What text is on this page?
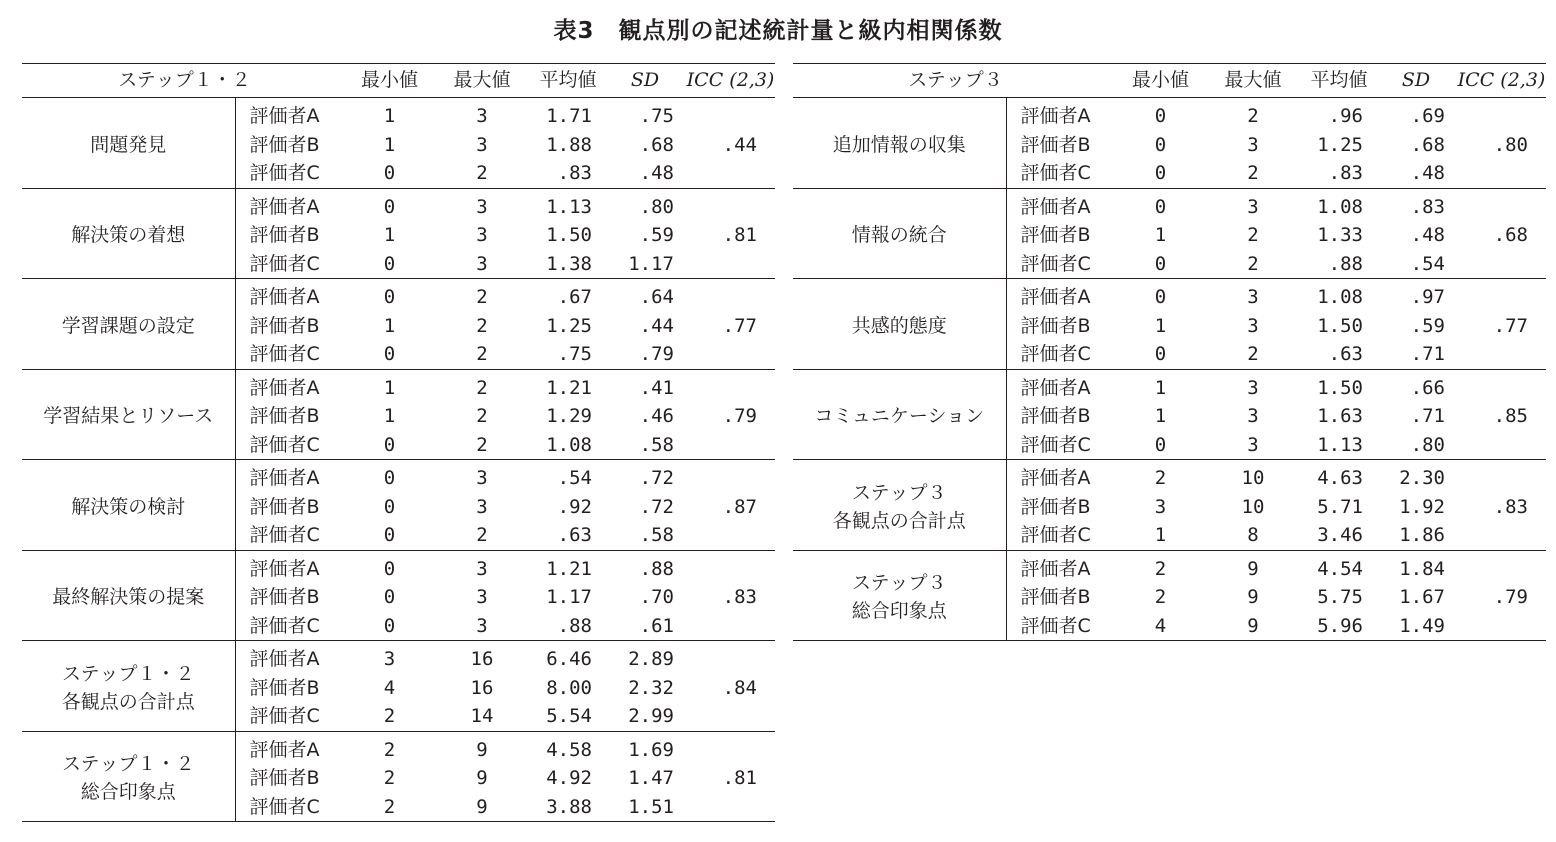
表3　観点別の記述統計量と級内相関係数
ステップ１・２		最小値	最大値	平均値	SD	ICC (2,3)
問題発見	評価者A	1	3	1.71	.75	.44
	評価者B	1	3	1.88	.68	
	評価者C	0	2	.83	.48	
解決策の着想	評価者A	0	3	1.13	.80	.81
	評価者B	1	3	1.50	.59	
	評価者C	0	3	1.38	1.17	
学習課題の設定	評価者A	0	2	.67	.64	.77
	評価者B	1	2	1.25	.44	
	評価者C	0	2	.75	.79	
学習結果とリソース	評価者A	1	2	1.21	.41	.79
	評価者B	1	2	1.29	.46	
	評価者C	0	2	1.08	.58	
解決策の検討	評価者A	0	3	.54	.72	.87
	評価者B	0	3	.92	.72	
	評価者C	0	2	.63	.58	
最終解決策の提案	評価者A	0	3	1.21	.88	.83
	評価者B	0	3	1.17	.70	
	評価者C	0	3	.88	.61	

ステップ１・２
各観点の合計点	評価者A	3	16	6.46	2.89	.84
	評価者B	4	16	8.00	2.32	
	評価者C	2	14	5.54	2.99	

ステップ１・２
総合印象点	評価者A	2	9	4.58	1.69	.81
	評価者B	2	9	4.92	1.47	
	評価者C	2	9	3.88	1.51	
ステップ３		最小値	最大値	平均値	SD	ICC (2,3)
追加情報の収集	評価者A	0	2	.96	.69	.80
	評価者B	0	3	1.25	.68	
	評価者C	0	2	.83	.48	
情報の統合	評価者A	0	3	1.08	.83	.68
	評価者B	1	2	1.33	.48	
	評価者C	0	2	.88	.54	
共感的態度	評価者A	0	3	1.08	.97	.77
	評価者B	1	3	1.50	.59	
	評価者C	0	2	.63	.71	
コミュニケーション	評価者A	1	3	1.50	.66	.85
	評価者B	1	3	1.63	.71	
	評価者C	0	3	1.13	.80	

ステップ３
各観点の合計点	評価者A	2	10	4.63	2.30	.83
	評価者B	3	10	5.71	1.92	
	評価者C	1	8	3.46	1.86	

ステップ３
総合印象点	評価者A	2	9	4.54	1.84	.79
	評価者B	2	9	5.75	1.67	
	評価者C	4	9	5.96	1.49	
